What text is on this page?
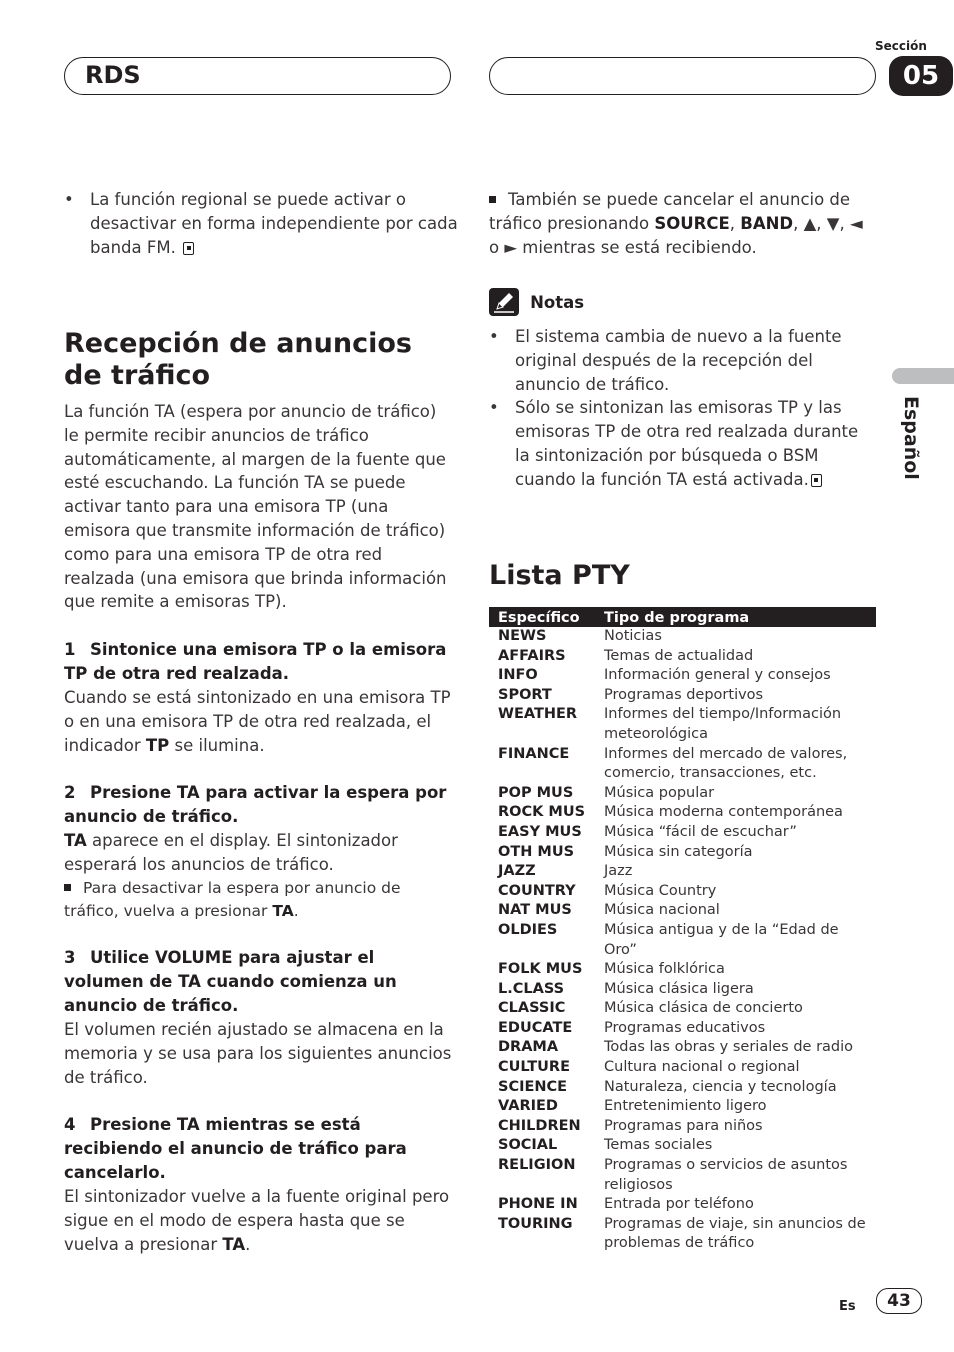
RDS
Sección
05
Español
• La función regional se puede activar o desactivar en forma independiente por cada banda FM.
Recepción de anuncios de tráfico
La función TA (espera por anuncio de tráfico) le permite recibir anuncios de tráfico automáticamente, al margen de la fuente que esté escuchando. La función TA se puede activar tanto para una emisora TP (una emisora que transmite información de tráfico) como para una emisora TP de otra red realzada (una emisora que brinda información que remite a emisoras TP).
1 Sintonice una emisora TP o la emisora TP de otra red realzada.
Cuando se está sintonizado en una emisora TP o en una emisora TP de otra red realzada, el indicador TP se ilumina.
2 Presione TA para activar la espera por anuncio de tráfico.
TA aparece en el display. El sintonizador esperará los anuncios de tráfico.
Para desactivar la espera por anuncio de tráfico, vuelva a presionar TA.
3 Utilice VOLUME para ajustar el volumen de TA cuando comienza un anuncio de tráfico.
El volumen recién ajustado se almacena en la memoria y se usa para los siguientes anuncios de tráfico.
4 Presione TA mientras se está recibiendo el anuncio de tráfico para cancelarlo.
El sintonizador vuelve a la fuente original pero sigue en el modo de espera hasta que se vuelva a presionar TA.
También se puede cancelar el anuncio de tráfico presionando SOURCE, BAND, ▲, ▼, ◄ o ► mientras se está recibiendo.
Notas
• El sistema cambia de nuevo a la fuente original después de la recepción del anuncio de tráfico.
• Sólo se sintonizan las emisoras TP y las emisoras TP de otra red realzada durante la sintonización por búsqueda o BSM cuando la función TA está activada.
Lista PTY
Específico	Tipo de programa
NEWS	Noticias
AFFAIRS	Temas de actualidad
INFO	Información general y consejos
SPORT	Programas deportivos
WEATHER	Informes del tiempo/Información meteorológica
FINANCE	Informes del mercado de valores, comercio, transacciones, etc.
POP MUS	Música popular
ROCK MUS	Música moderna contemporánea
EASY MUS	Música “fácil de escuchar”
OTH MUS	Música sin categoría
JAZZ	Jazz
COUNTRY	Música Country
NAT MUS	Música nacional
OLDIES	Música antigua y de la “Edad de Oro”
FOLK MUS	Música folklórica
L.CLASS	Música clásica ligera
CLASSIC	Música clásica de concierto
EDUCATE	Programas educativos
DRAMA	Todas las obras y seriales de radio
CULTURE	Cultura nacional o regional
SCIENCE	Naturaleza, ciencia y tecnología
VARIED	Entretenimiento ligero
CHILDREN	Programas para niños
SOCIAL	Temas sociales
RELIGION	Programas o servicios de asuntos religiosos
PHONE IN	Entrada por teléfono
TOURING	Programas de viaje, sin anuncios de problemas de tráfico
Es	43
